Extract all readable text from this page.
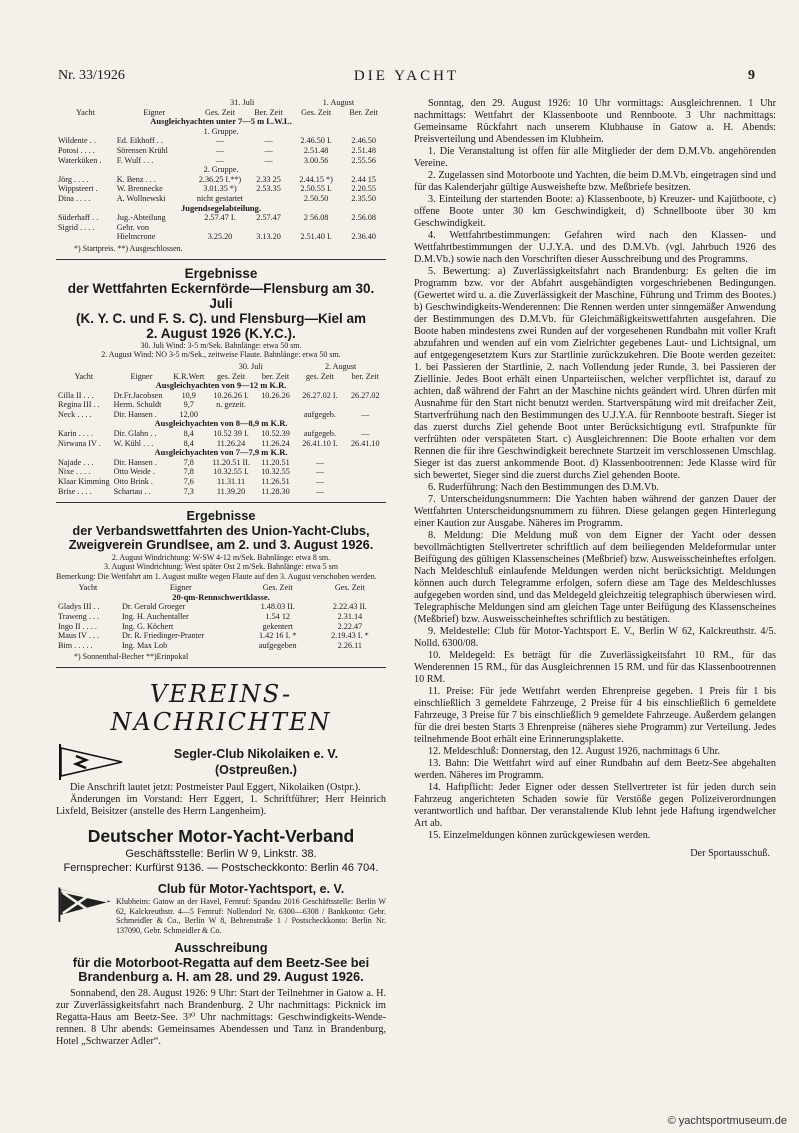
Nr. 33/1926	DIE YACHT	9
		31. Juli		1. August	
Yacht	Eigner	Ges. Zeit	Ber. Zeit	Ges. Zeit	Ber. Zeit
Ausgleichyachten unter 7—5 m L.W.L.					
1. Gruppe.					
Wildente . .	Ed. Eikhoff . .	—	—	2.46.50 I.	2.46.50
Potosi . . . .	Sörensen Krühl	—	—	2.51.48	2.51.48
Waterküken .	F. Wulf . . .	—	—	3.00.56	2.55.56
2. Gruppe.					
Jörg . . . .	K. Benz . . .	2.36.25 I.**)	2.33 25	2.44.15 *)	2.44 15
Wippsteert .	W. Brennecke	3.01.35 *)	2.53.35	2.50.55 I.	2.20.55
Dina . . . .	A. Wollnewski	nicht gestartet		2.50.50	2.35.50
Jugendsegelabteilung.					
Süderhaff . .	Jug.-Abteilung	2.57.47 I.	2.57.47	2 56.08	2.56.08
Sigrid . . . .	Gebr. von				
	Hielmcrone	3.25.20	3.13.20	2.51.40 I.	2.36.40
*) Startpreis. **) Ausgeschlossen.
Ergebnisse
der Wettfahrten Eckernförde—Flensburg am 30. Juli
(K. Y. C. und F. S. C). und Flensburg—Kiel am
2. August 1926 (K.Y.C.).
30. Juli Wind: 3-5 m/Sek. Bahnlänge: etwa 50 sm.
2. August Wind: NO 3-5 m/Sek., zeitweise Flaute. Bahnlänge: etwa 50 sm.
			30. Juli		2. August	
Yacht	Eigner	K.R.Wert	ges. Zeit	ber. Zeit	ges. Zeit	ber. Zeit
Ausgleichyachten von 9—12 m K.R.						
Cilla II . . .	Dr.Fr.Jacobsen	10,9	10.26.26 I.	10.26.26	26.27.02 I.	26.27.02
Regina III . .	Herm. Schuldt	9,7	n. gezeit.			
Neck . . . .	Dir. Hansen .	12,00			aufgegeb.	—
Ausgleichyachten von 8—8,9 m K.R.						
Karin . . . .	Dir. Glahn . .	8,4	10.52 39 I.	10.52.39	aufgegeb.	—
Nirwana IV .	W. Kühl . . .	8,4	11.26.24	11.26.24	26.41.10 I.	26.41.10
Ausgleichyachten von 7—7,9 m K.R.						
Najade . . .	Dir. Hansen .	7,8	11.20.51 II.	11.20.51	—	
Nixe . . . .	Otto Weide .	7,8	10.32.55 I.	10.32.55	—	
Klaar Kimming	Otto Brink .	7,6	11.31.11	11.26.51	—	
Brise . . . .	Schartau . .	7,3	11.39.20	11.28.30	—	
Ergebnisse
der Verbandswettfahrten des Union-Yacht-Clubs,
Zweigverein Grundlsee, am 2. und 3. August 1926.
2. August Windrichtung: W-SW 4-12 m/Sek. Bahnlänge: etwa 8 sm.
3. August Windrichtung: West später Ost 2 m/Sek. Bahnlänge: etwa 5 sm
Bemerkung: Die Wettfahrt am 1. August mußte wegen Flaute auf den 3. August verschoben werden.
Yacht	Eigner	Ges. Zeit	Ges. Zeit
20-qm-Rennschwertklasse.			
Gladys III . .	Dr. Gerald Groeger	1.48.03 II.	2.22.43 II.
Traweng . . .	Ing. H. Auchentaller	1.54 12	2.31.14
Ingo II . . . .	Ing. G. Köchert	gekentert	2.22.47
Maus IV . . .	Dr. R. Friedinger-Pranter	1.42 16 I. *	2.19.43 I. *
Bim . . . . .	Ing. Max Lob	aufgegeben	2.26.11
*) Sonnenthal-Becher **)Erinpokal
VEREINS-NACHRICHTEN
Segler-Club Nikolaiken e. V.
(Ostpreußen.)

Die Anschrift lautet jetzt: Postmeister Paul Eggert, Nikolaiken (Ostpr.).

Änderungen im Vorstand: Herr Eggert, 1. Schriftführer; Herr Heinrich Lixfeld, Beisitzer (anstelle des Herrn Langenheim).

Deutscher Motor-Yacht-Verband
Geschäftsstelle: Berlin W 9, Linkstr. 38.
Fernsprecher: Kurfürst 9136. — Postscheckkonto: Berlin 46 704.
Club für Motor-Yachtsport, e. V.
Klubheim: Gatow an der Havel, Fernruf: Spandau 2016 Geschäftsstelle: Berlin W 62, Kalckreuthstr. 4—5 Fernruf: Nollendorf Nr. 6300—6308 / Bankkonto: Gebr. Schmeidler & Co., Berlin W 8, Behrenstraße 1 / Postscheckkonto: Berlin Nr. 137090, Gebr. Schmeidler & Co.
Ausschreibung
für die Motorboot-Regatta auf dem Beetz-See bei
Brandenburg a. H. am 28. und 29. August 1926.

Sonnabend, den 28. August 1926: 9 Uhr: Start der Teilnehmer in Gatow a. H. zur Zuverlässigkeitsfahrt nach Brandenburg. 2 Uhr nachmittags: Picknick im Regatta-Haus am Beetz-See. 3³⁰ Uhr nachmittags: Geschwindigkeits-Wende-rennen. 8 Uhr abends: Gemeinsames Abendessen und Tanz in Brandenburg, Hotel „Schwarzer Adler“.

Sonntag, den 29. August 1926: 10 Uhr vormittags: Ausgleichrennen. 1 Uhr nachmittags: Wettfahrt der Klassenboote und Rennboote. 3 Uhr nachmittags: Gemeinsame Rückfahrt nach unserem Klubhause in Gatow a. H. Abends: Preisverteilung und Abendessen im Klubheim.

1. Die Veranstaltung ist offen für alle Mitglieder der dem D.M.Vb. angehörenden Vereine.

2. Zugelassen sind Motorboote und Yachten, die beim D.M.Vb. eingetragen sind und für das Kalenderjahr gültige Ausweishefte bzw. Meßbriefe besitzen.

3. Einteilung der startenden Boote: a) Klassenboote, b) Kreuzer- und Kajütboote, c) offene Boote unter 30 km Geschwindigkeit, d) Schnellboote über 30 km Geschwindigkeit.

4. Wettfahrtbestimmungen: Gefahren wird nach den Klassen- und Wettfahrtbestimmungen der U.J.Y.A. und des D.M.Vb. (vgl. Jahrbuch 1926 des D.M.Vb.) sowie nach den Vorschriften dieser Ausschreibung und des Programms.

5. Bewertung: a) Zuverlässigkeitsfahrt nach Brandenburg: Es gelten die im Programm bzw. vor der Abfahrt ausgehändigten vorgeschriebenen Bedingungen. (Gewertet wird u. a. die Zuverlässigkeit der Maschine, Führung und Trimm des Bootes.) b) Geschwindigkeits-Wenderennen: Die Rennen werden unter sinngemäßer Anwendung der Bestimmungen des D.M.Vb. für Gleichmäßigkeitswettfahrten ausgefahren. Die Boote haben mindestens zwei Runden auf der vorgesehenen Rundbahn mit voller Kraft abzufahren und wenden auf ein vom Zielrichter gegebenes Laut- und Lichtsignal, um auf entgegengesetztem Kurs zur Startlinie zurückzukehren. Die Boote werden gezeitet: 1. bei Passieren der Startlinie, 2. nach Vollendung jeder Runde, 3. bei Passieren der Ziellinie. Jedes Boot erhält einen Unparteiischen, welcher verpflichtet ist, darauf zu achten, daß während der Fahrt an der Maschine nichts geändert wird. Uhren dürfen mit Ausnahme für den Start nicht benutzt werden. Startverspätung wird mit dreifacher Zeit, Startverfrühung nach den Bestimmungen des U.J.Y.A. für Rennboote bestraft. Sieger ist das zuerst durchs Ziel gehende Boot unter Berücksichtigung evtl. Strafpunkte für verfrühten oder verspäteten Start. c) Ausgleichrennen: Die Boote erhalten vor dem Rennen die für ihre Geschwindigkeit berechnete Startzeit im verschlossenen Umschlag. Sieger ist das zuerst ankommende Boot. d) Klassenbootrennen: Jede Klasse wird für sich bewertet, Sieger sind die zuerst durchs Ziel gehenden Boote.

6. Ruderführung: Nach den Bestimmungen des D.M.Vb.

7. Unterscheidungsnummern: Die Yachten haben während der ganzen Dauer der Wettfahrten Unterscheidungsnummern zu führen. Diese gelangen gegen Hinterlegung einer Kaution zur Ausgabe. Näheres im Programm.

8. Meldung: Die Meldung muß von dem Eigner der Yacht oder dessen bevollmächtigten Stellvertreter schriftlich auf dem beiliegenden Meldeformular unter Beifügung des gültigen Klassenscheines (Meßbrief) bzw. Ausweisscheinheftes erfolgen. Nach Meldeschluß einlaufende Meldungen werden nicht berücksichtigt. Meldungen können auch durch Telegramme erfolgen, sofern diese am Tage des Meldeschlusses aufgegeben worden sind, und das Meldegeld gleichzeitig telegraphisch überwiesen wird. Telegraphische Meldungen sind am gleichen Tage unter Beifügung des Klassenscheines (Meßbrief) bzw. Ausweisscheinheftes schriftlich zu bestätigen.

9. Meldestelle: Club für Motor-Yachtsport E. V., Berlin W 62, Kalckreuthstr. 4/5. Nolld. 6300/08.

10. Meldegeld: Es beträgt für die Zuverlässigkeitsfahrt 10 RM., für das Wenderennen 15 RM., für das Ausgleichrennen 15 RM. und für das Klassenbootrennen 10 RM.

11. Preise: Für jede Wettfahrt werden Ehrenpreise gegeben. 1 Preis für 1 bis einschließlich 3 gemeldete Fahrzeuge, 2 Preise für 4 bis einschließlich 6 gemeldete Fahrzeuge, 3 Preise für 7 bis einschließlich 9 gemeldete Fahrzeuge. Außerdem gelangen für die drei besten Starts 3 Ehrenpreise (näheres siehe Programm) zur Verteilung. Jedes teilnehmende Boot erhält eine Erinnerungsplakette.

12. Meldeschluß: Donnerstag, den 12. August 1926, nachmittags 6 Uhr.

13. Bahn: Die Wettfahrt wird auf einer Rundbahn auf dem Beetz-See abgehalten werden. Näheres im Programm.

14. Haftpflicht: Jeder Eigner oder dessen Stellvertreter ist für jeden durch sein Fahrzeug angerichteten Schaden sowie für Verstöße gegen Polizeiverordnungen verantwortlich und haftbar. Der veranstaltende Klub lehnt jede Haftung irgendwelcher Art ab.

15. Einzelmeldungen können zurückgewiesen werden.

Der Sportausschuß.
© yachtsportmuseum.de
